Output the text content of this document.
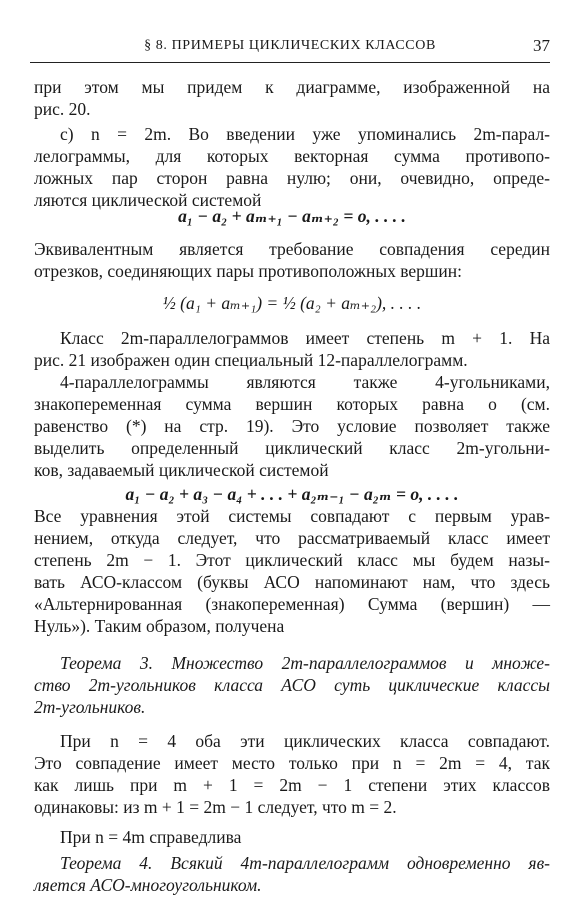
§ 8. ПРИМЕРЫ ЦИКЛИЧЕСКИХ КЛАССОВ	37
при этом мы придем к диаграмме, изображенной на
рис. 20.
с) n = 2m. Во введении уже упоминались 2m-парал-
лелограммы, для которых векторная сумма противопо-
ложных пар сторон равна нулю; они, очевидно, опреде-
ляются циклической системой
a₁ − a₂ + aₘ₊₁ − aₘ₊₂ = o, . . . .
Эквивалентным является требование совпадения середин
отрезков, соединяющих пары противоположных вершин:
½ (a₁ + aₘ₊₁) = ½ (a₂ + aₘ₊₂), . . . .
Класс 2m-параллелограммов имеет степень m + 1. На
рис. 21 изображен один специальный 12-параллелограмм.
4-параллелограммы являются также 4-угольниками,
знакопеременная сумма вершин которых равна o (см.
равенство (*) на стр. 19). Это условие позволяет также
выделить определенный циклический класс 2m-угольни-
ков, задаваемый циклической системой
a₁ − a₂ + a₃ − a₄ + . . . + a₂ₘ₋₁ − a₂ₘ = o, . . . .
Все уравнения этой системы совпадают с первым урав-
нением, откуда следует, что рассматриваемый класс имеет
степень 2m − 1. Этот циклический класс мы будем назы-
вать АСО-классом (буквы АСО напоминают нам, что здесь
«Альтернированная (знакопеременная) Сумма (вершин) —
Нуль»). Таким образом, получена
Теорема 3. Множество 2m-параллелограммов и множе-
ство 2m-угольников класса АСО суть циклические классы
2m-угольников.
При n = 4 оба эти циклических класса совпадают.
Это совпадение имеет место только при n = 2m = 4, так
как лишь при m + 1 = 2m − 1 степени этих классов
одинаковы: из m + 1 = 2m − 1 следует, что m = 2.
При n = 4m справедлива
Теорема 4. Всякий 4m-параллелограмм одновременно яв-
ляется АСО-многоугольником.
